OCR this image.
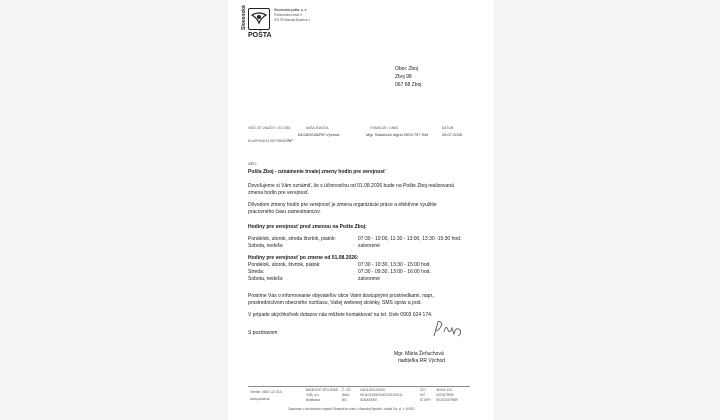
Slovenská
POŠTA
Slovenská pošta, a. s.
Partizánska cesta 9
975 99 Banská Bystrica 1
Obec Zboj
Zboj 98
067 68 Zboj
VÁŠ LIST ZNAČKY / ZO DŇA	NAŠA ZNAČKA
64/28/2026/RR Východ
VYBAVUJE / LINKA
Mgr. Sabolová Ingrid 0903 797 549
DÁTUM
28.07.2026
KLASIFIKÁCIA INFORMÁCIÍ
"V"
VEC:
Pošta Zboj - oznámenie trvalej zmeny hodín pre verejnosť
Dovoľujeme si Vám oznámiť, že s účinnosťou od 01.08.2026 bude na Pošte Zboj realizovaná
zmena hodín pre verejnosť.
Dôvodom zmeny hodín pre verejnosť je zmena organizácie práce a efektívne využitie
pracovného času zamestnancov.
Hodiny pre verejnosť pred zmenou na Pošte Zboj:
Pondelok, utorok, streda štvrtok, piatok:	07:30 - 10:00, 11:30 - 13:00, 13:30 -15:30 hod.
Sobota, nedeľa:	zatvorené
Hodiny pre verejnosť po zmene od 01.08.2026:
Pondelok, utorok, štvrtok, piatok:	07:30 - 10:30, 13:30 - 15:00 hod.
Streda:	07:30 - 09:30, 13:00 - 16:00 hod.
Sobota, nedeľa:	zatvorené
Prosíme Vás o informovanie obyvateľov obce Vami dostupnými prostriedkami, napr.,
prostredníctvom obecného rozhlasu, Vašej webovej stránky, SMS správ a pod.
V prípade akýchkoľvek dotazov nás môžete kontaktovať na tel. čísle 0903 624 174.
S pozdravom
Mgr. Mária Žeňuchová
riaditeľka RR Východ
Telefón: 0800 122 413
www.posta.sk
BANKOVÉ SPOJENIE
VÚB, a.s.
Bratislava
Č. ÚČ.	1001120011/0200
IBAN	SK1102000000001001120011
BIC	SUBASKBX
IČO	36 631 124
DIČ	2021879959
IČ DPH SK2021879959
Zapísaná v obchodnom registri Okresného súdu v Banskej Bystrici, oddiel Sa, vl. č. 803/S
